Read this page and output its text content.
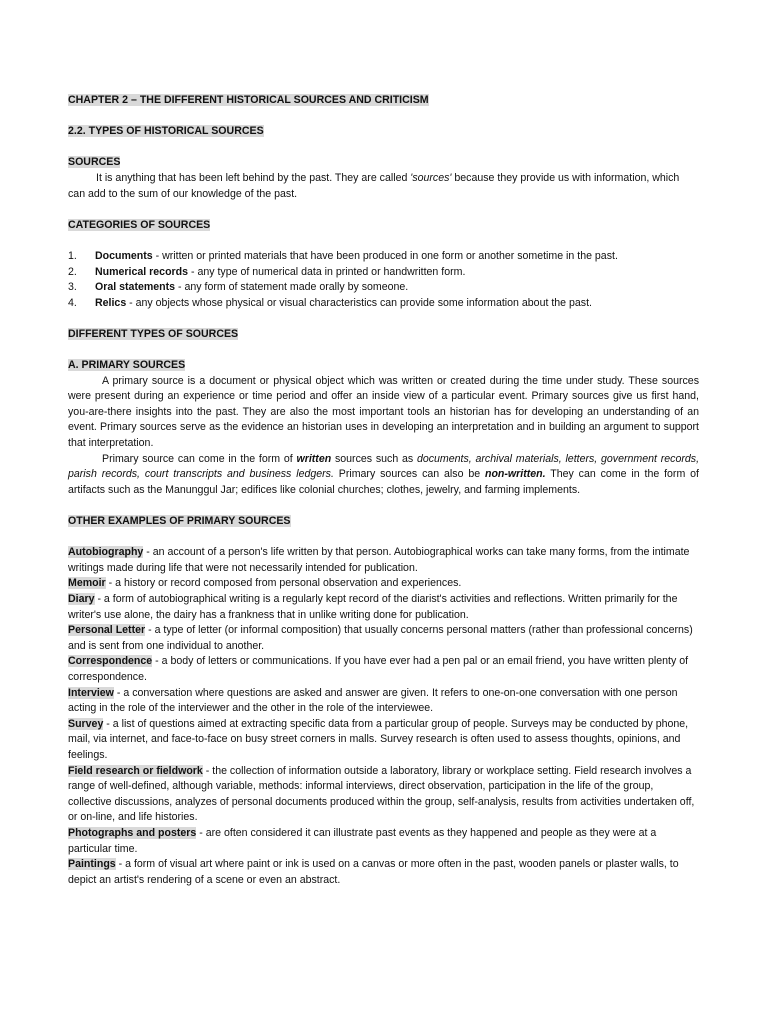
CHAPTER 2 – THE DIFFERENT HISTORICAL SOURCES AND CRITICISM

2.2. TYPES OF HISTORICAL SOURCES

SOURCES

It is anything that has been left behind by the past. They are called 'sources' because they provide us with information, which can add to the sum of our knowledge of the past.

CATEGORIES OF SOURCES

1.	Documents - written or printed materials that have been produced in one form or another sometime in the past.
2.	Numerical records - any type of numerical data in printed or handwritten form.
3.	Oral statements - any form of statement made orally by someone.
4.	Relics - any objects whose physical or visual characteristics can provide some information about the past.

DIFFERENT TYPES OF SOURCES

A. PRIMARY SOURCES

A primary source is a document or physical object which was written or created during the time under study. These sources were present during an experience or time period and offer an inside view of a particular event. Primary sources give us first hand, you-are-there insights into the past. They are also the most important tools an historian has for developing an understanding of an event. Primary sources serve as the evidence an historian uses in developing an interpretation and in building an argument to support that interpretation.

Primary source can come in the form of written sources such as documents, archival materials, letters, government records, parish records, court transcripts and business ledgers. Primary sources can also be non-written. They can come in the form of artifacts such as the Manunggul Jar; edifices like colonial churches; clothes, jewelry, and farming implements.

OTHER EXAMPLES OF PRIMARY SOURCES

Autobiography - an account of a person's life written by that person. Autobiographical works can take many forms, from the intimate writings made during life that were not necessarily intended for publication.

Memoir - a history or record composed from personal observation and experiences.

Diary - a form of autobiographical writing is a regularly kept record of the diarist's activities and reflections. Written primarily for the writer's use alone, the dairy has a frankness that in unlike writing done for publication.

Personal Letter - a type of letter (or informal composition) that usually concerns personal matters (rather than professional concerns) and is sent from one individual to another.

Correspondence - a body of letters or communications. If you have ever had a pen pal or an email friend, you have written plenty of correspondence.

Interview - a conversation where questions are asked and answer are given. It refers to one-on-one conversation with one person acting in the role of the interviewer and the other in the role of the interviewee.

Survey - a list of questions aimed at extracting specific data from a particular group of people. Surveys may be conducted by phone, mail, via internet, and face-to-face on busy street corners in malls. Survey research is often used to assess thoughts, opinions, and feelings.

Field research or fieldwork - the collection of information outside a laboratory, library or workplace setting. Field research involves a range of well-defined, although variable, methods: informal interviews, direct observation, participation in the life of the group, collective discussions, analyzes of personal documents produced within the group, self-analysis, results from activities undertaken off, or on-line, and life histories.

Photographs and posters - are often considered it can illustrate past events as they happened and people as they were at a particular time.

Paintings - a form of visual art where paint or ink is used on a canvas or more often in the past, wooden panels or plaster walls, to depict an artist's rendering of a scene or even an abstract.
